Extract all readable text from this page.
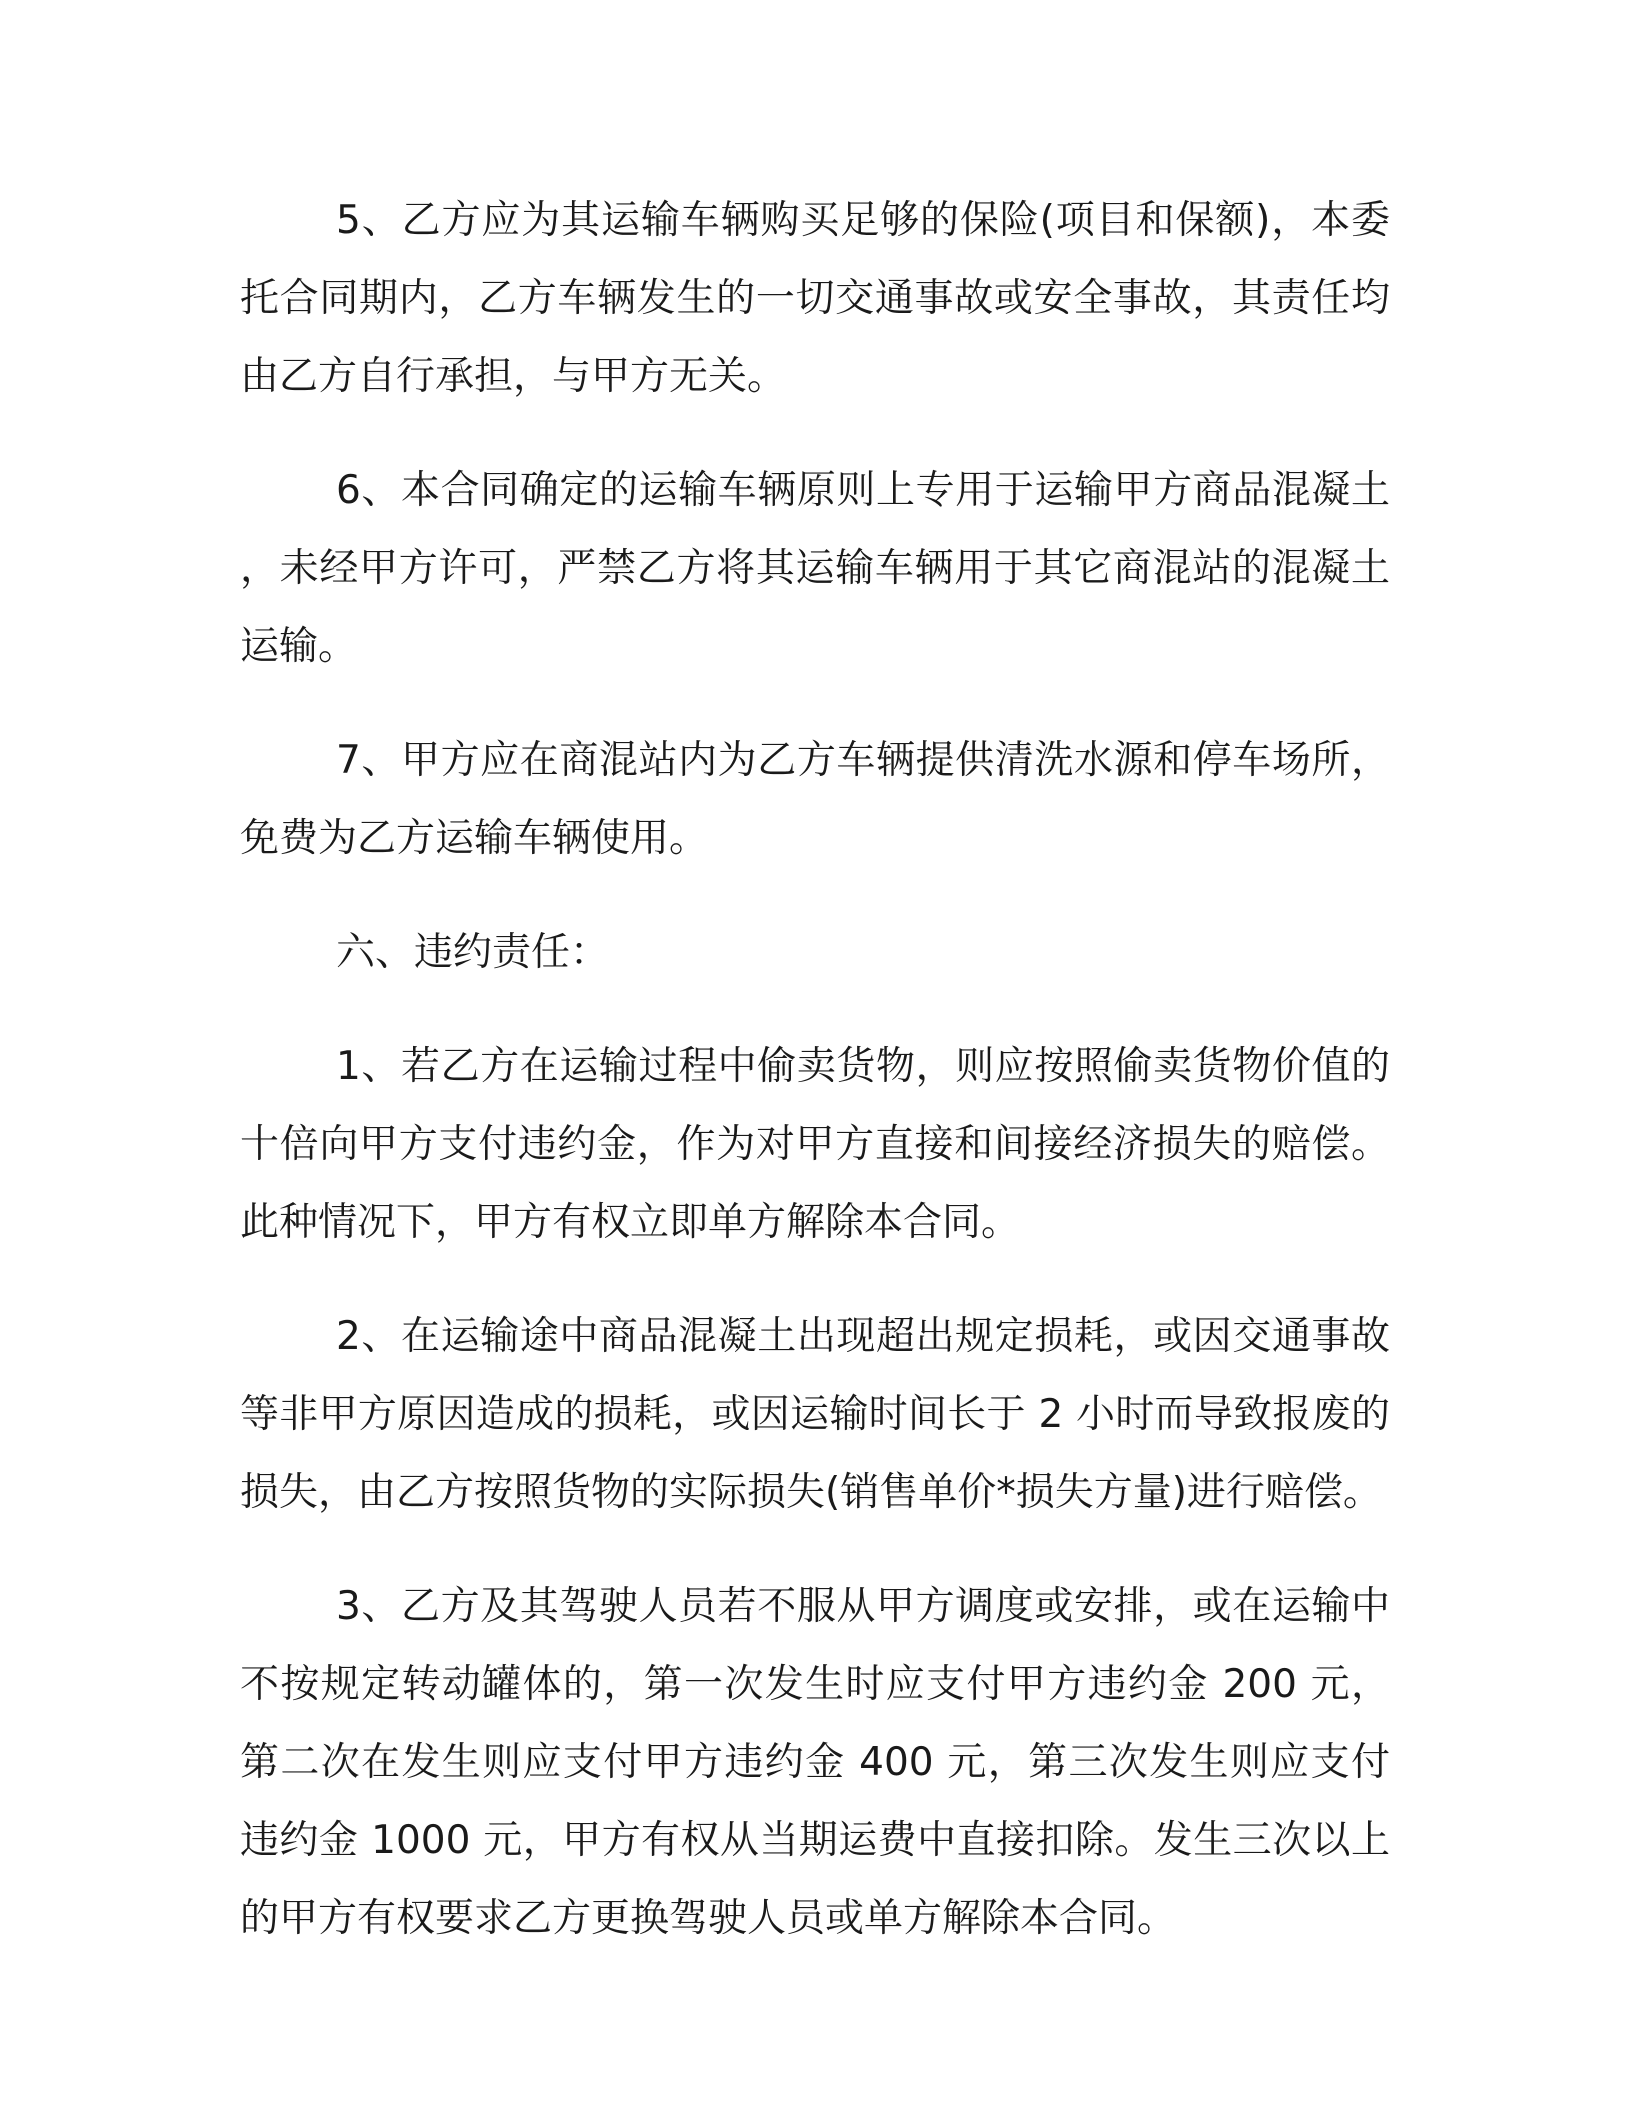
5、乙方应为其运输车辆购买足够的保险(项目和保额)，本委托合同期内，乙方车辆发生的一切交通事故或安全事故，其责任均由乙方自行承担，与甲方无关。

6、本合同确定的运输车辆原则上专用于运输甲方商品混凝土，未经甲方许可，严禁乙方将其运输车辆用于其它商混站的混凝土运输。

7、甲方应在商混站内为乙方车辆提供清洗水源和停车场所，免费为乙方运输车辆使用。

六、违约责任：

1、若乙方在运输过程中偷卖货物，则应按照偷卖货物价值的十倍向甲方支付违约金，作为对甲方直接和间接经济损失的赔偿。此种情况下，甲方有权立即单方解除本合同。

2、在运输途中商品混凝土出现超出规定损耗，或因交通事故等非甲方原因造成的损耗，或因运输时间长于 2 小时而导致报废的损失，由乙方按照货物的实际损失(销售单价*损失方量)进行赔偿。

3、乙方及其驾驶人员若不服从甲方调度或安排，或在运输中不按规定转动罐体的，第一次发生时应支付甲方违约金 200 元，第二次在发生则应支付甲方违约金 400 元，第三次发生则应支付违约金 1000 元，甲方有权从当期运费中直接扣除。发生三次以上的甲方有权要求乙方更换驾驶人员或单方解除本合同。
